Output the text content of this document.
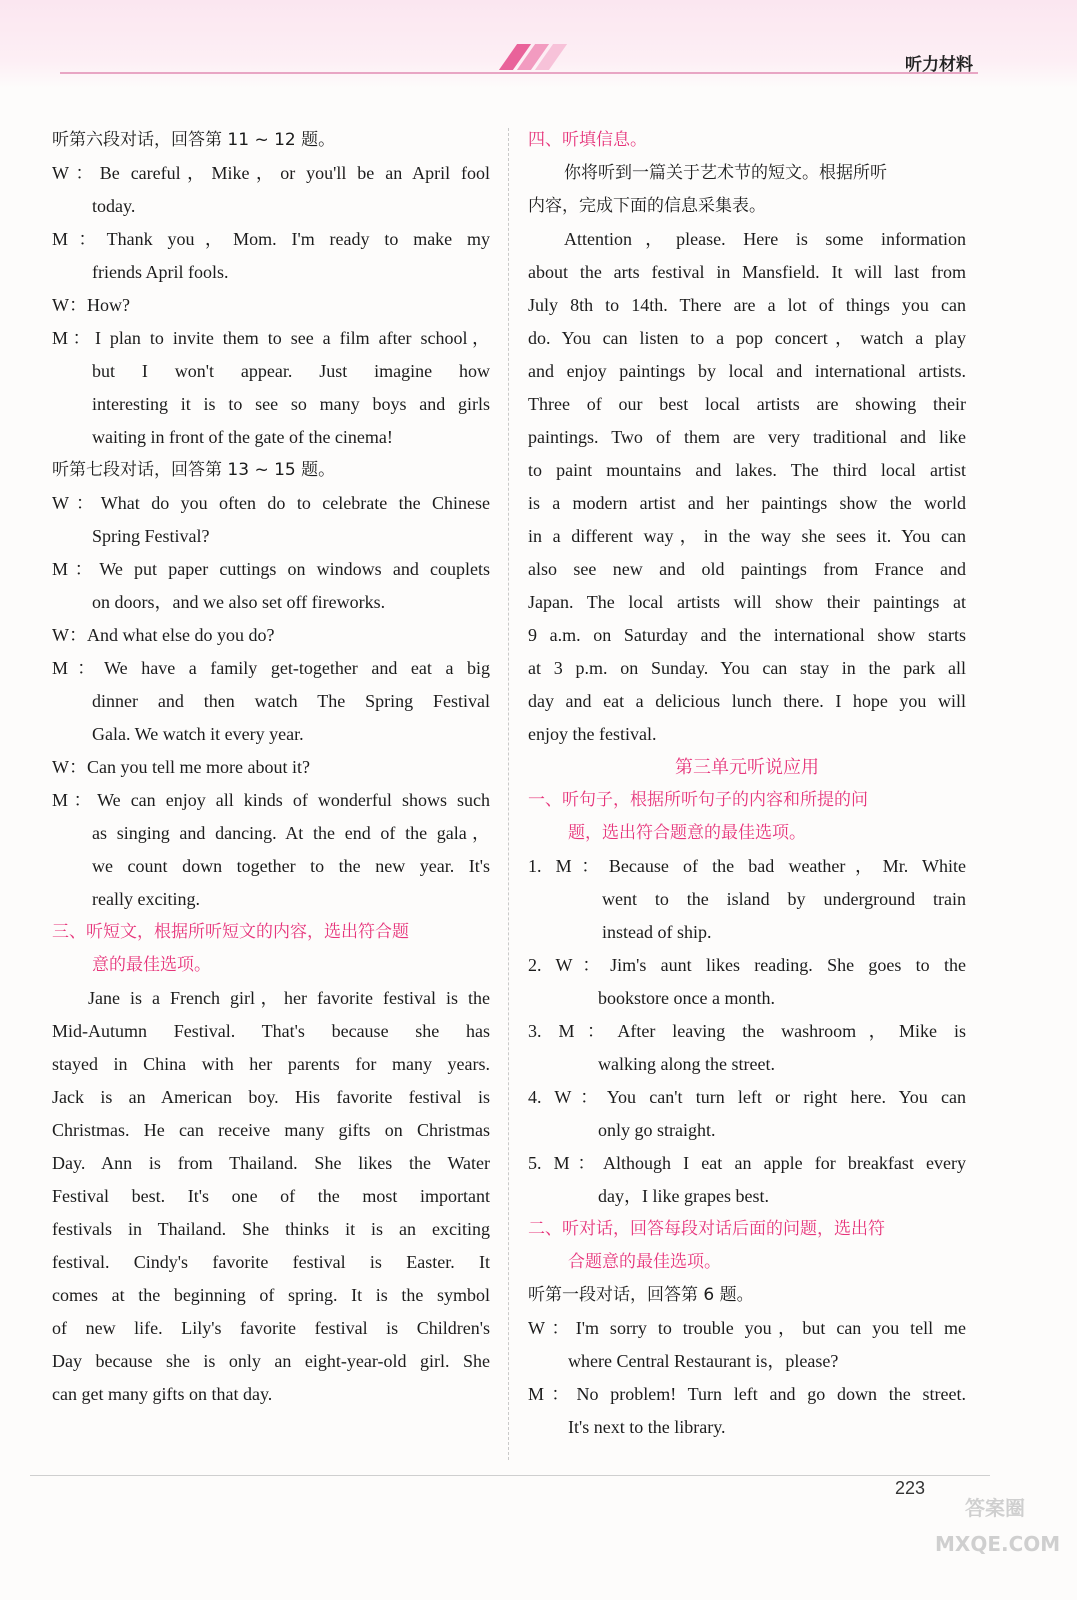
听力材料
听第六段对话，回答第 11 ~ 12 题。
W：Be careful，Mike，or you'll be an April fool
today.
M：Thank you，Mom. I'm ready to make my
friends April fools.
W：How?
M：I plan to invite them to see a film after school，
but I won't appear. Just imagine how
interesting it is to see so many boys and girls
waiting in front of the gate of the cinema!
听第七段对话，回答第 13 ~ 15 题。
W：What do you often do to celebrate the Chinese
Spring Festival?
M：We put paper cuttings on windows and couplets
on doors，and we also set off fireworks.
W：And what else do you do?
M：We have a family get-together and eat a big
dinner and then watch The Spring Festival
Gala. We watch it every year.
W：Can you tell me more about it?
M：We can enjoy all kinds of wonderful shows such
as singing and dancing. At the end of the gala，
we count down together to the new year. It's
really exciting.
三、听短文，根据所听短文的内容，选出符合题
意的最佳选项。
Jane is a French girl，her favorite festival is the
Mid-Autumn Festival. That's because she has
stayed in China with her parents for many years.
Jack is an American boy. His favorite festival is
Christmas. He can receive many gifts on Christmas
Day. Ann is from Thailand. She likes the Water
Festival best. It's one of the most important
festivals in Thailand. She thinks it is an exciting
festival. Cindy's favorite festival is Easter. It
comes at the beginning of spring. It is the symbol
of new life. Lily's favorite festival is Children's
Day because she is only an eight-year-old girl. She
can get many gifts on that day.
四、听填信息。
你将听到一篇关于艺术节的短文。根据所听
内容，完成下面的信息采集表。
Attention，please. Here is some information
about the arts festival in Mansfield. It will last from
July 8th to 14th. There are a lot of things you can
do. You can listen to a pop concert，watch a play
and enjoy paintings by local and international artists.
Three of our best local artists are showing their
paintings. Two of them are very traditional and like
to paint mountains and lakes. The third local artist
is a modern artist and her paintings show the world
in a different way，in the way she sees it. You can
also see new and old paintings from France and
Japan. The local artists will show their paintings at
9 a.m. on Saturday and the international show starts
at 3 p.m. on Sunday. You can stay in the park all
day and eat a delicious lunch there. I hope you will
enjoy the festival.
第三单元听说应用
一、听句子，根据所听句子的内容和所提的问
题，选出符合题意的最佳选项。
1. M：Because of the bad weather，Mr. White
went to the island by underground train
instead of ship.
2. W：Jim's aunt likes reading. She goes to the
bookstore once a month.
3. M：After leaving the washroom，Mike is
walking along the street.
4. W：You can't turn left or right here. You can
only go straight.
5. M：Although I eat an apple for breakfast every
day，I like grapes best.
二、听对话，回答每段对话后面的问题，选出符
合题意的最佳选项。
听第一段对话，回答第 6 题。
W：I'm sorry to trouble you，but can you tell me
where Central Restaurant is，please?
M：No problem! Turn left and go down the street.
It's next to the library.
223
答案圈 MXQE.COM
